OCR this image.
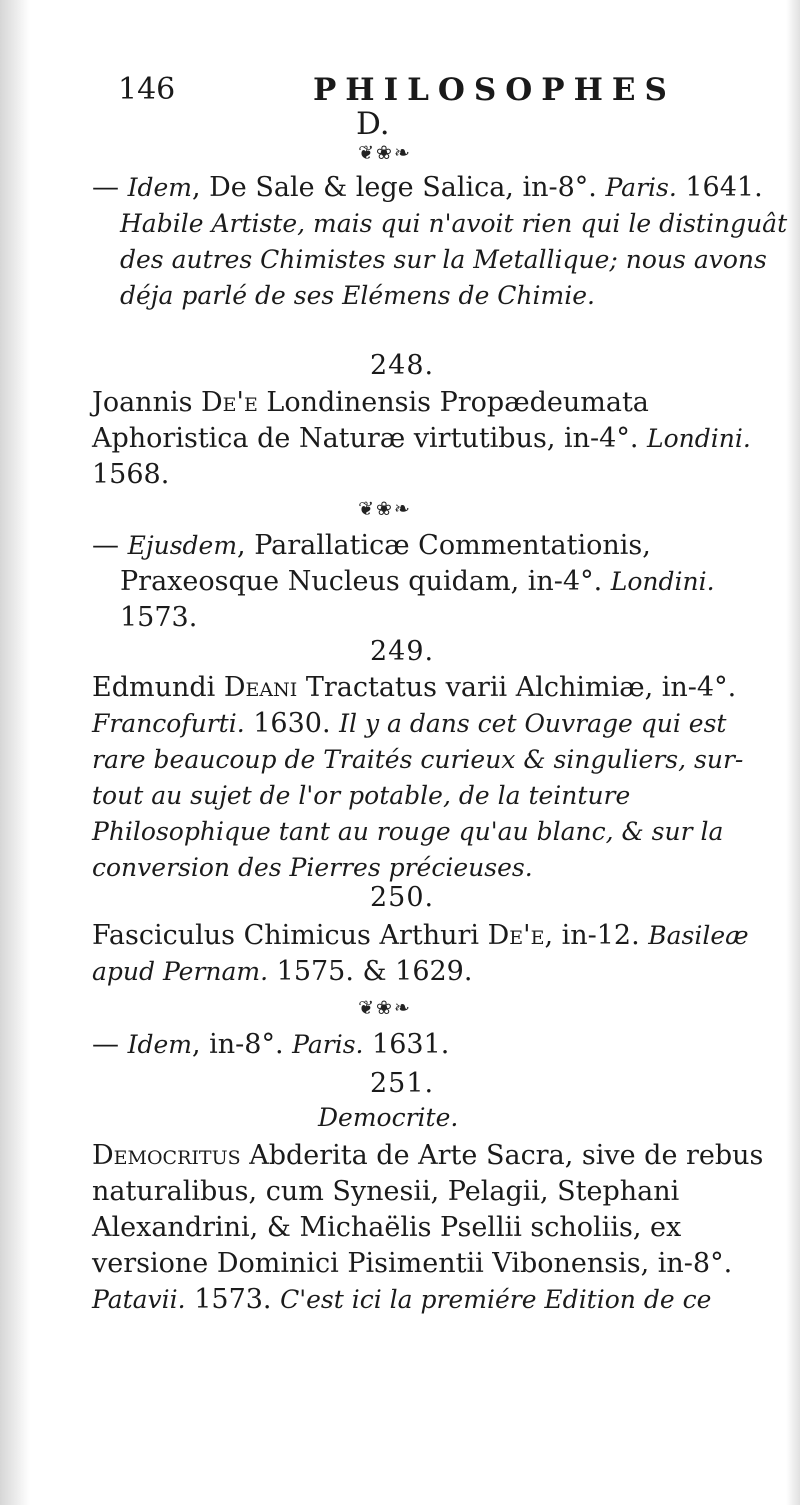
146	PHILOSOPHES
D.
❦❀❧
— Idem, De Sale & lege Salica, in-8°. Paris. 1641. Habile Artiste, mais qui n'avoit rien qui le distinguât des autres Chimistes sur la Metallique; nous avons déja parlé de ses Elémens de Chimie.
248.
Joannis De'e Londinensis Propædeumata Aphoristica de Naturæ virtutibus, in-4°. Londini. 1568.
❦❀❧
— Ejusdem, Parallaticæ Commentationis, Praxeosque Nucleus quidam, in-4°. Londini. 1573.
249.
Edmundi Deani Tractatus varii Alchimiæ, in-4°. Francofurti. 1630. Il y a dans cet Ouvrage qui est rare beaucoup de Traités curieux & singuliers, sur-tout au sujet de l'or potable, de la teinture Philosophique tant au rouge qu'au blanc, & sur la conversion des Pierres précieuses.
250.
Fasciculus Chimicus Arthuri De'e, in-12. Basileæ apud Pernam. 1575. & 1629.
❦❀❧
— Idem, in-8°. Paris. 1631.
251.
Democrite.
Democritus Abderita de Arte Sacra, sive de rebus naturalibus, cum Synesii, Pelagii, Stephani Alexandrini, & Michaëlis Psellii scholiis, ex versione Dominici Pisimentii Vibonensis, in-8°. Patavii. 1573. C'est ici la premiére Edition de ce
